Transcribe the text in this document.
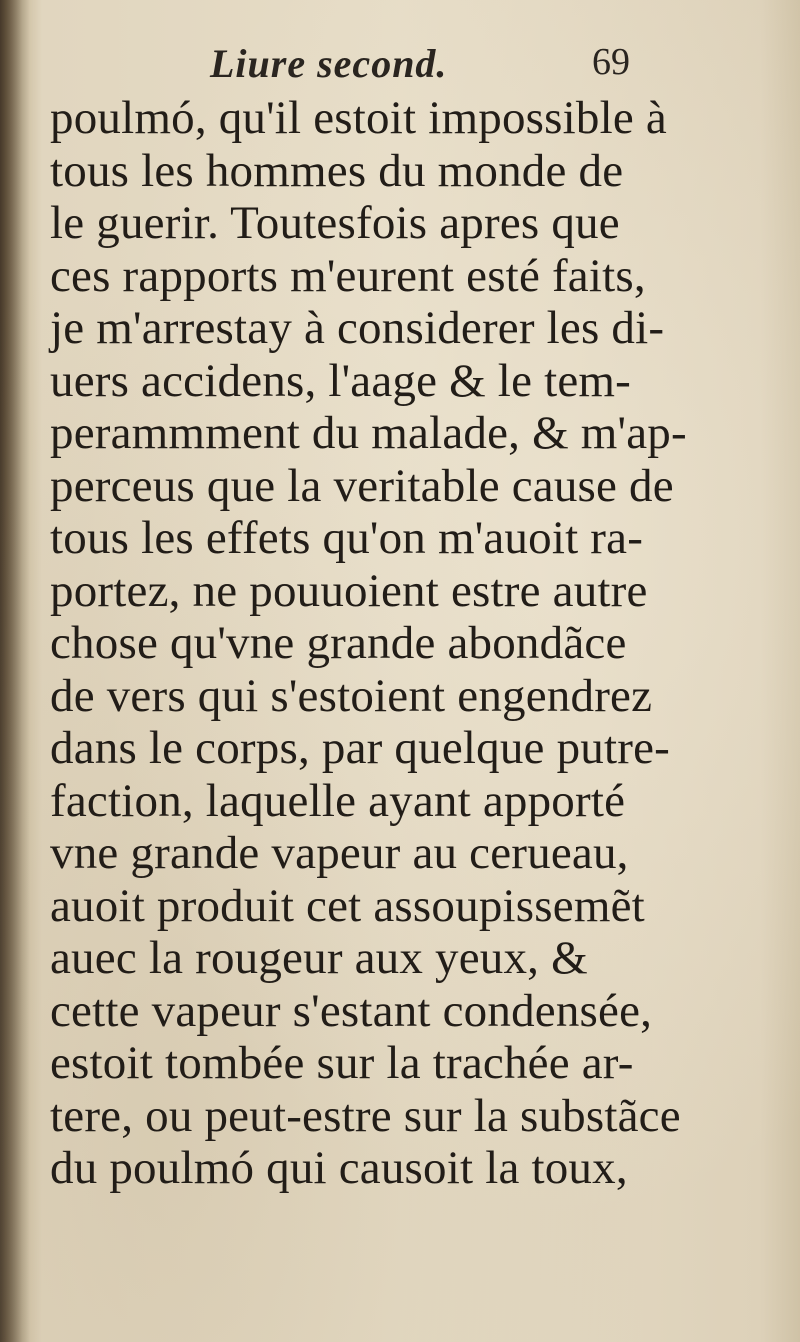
Liure second.	69
poulmó, qu'il estoit impossible à
tous les hommes du monde de
le guerir. Toutesfois apres que
ces rapports m'eurent esté faits,
je m'arrestay à considerer les di-
uers accidens, l'aage & le tem-
perammment du malade, & m'ap-
perceus que la veritable cause de
tous les effets qu'on m'auoit ra-
portez, ne pouuoient estre autre
chose qu'vne grande abondãce
de vers qui s'estoient engendrez
dans le corps, par quelque putre-
faction, laquelle ayant apporté
vne grande vapeur au cerueau,
auoit produit cet assoupissemẽt
auec la rougeur aux yeux, &
cette vapeur s'estant condensée,
estoit tombée sur la trachée ar-
tere, ou peut-estre sur la substãce
du poulmó qui causoit la toux,
